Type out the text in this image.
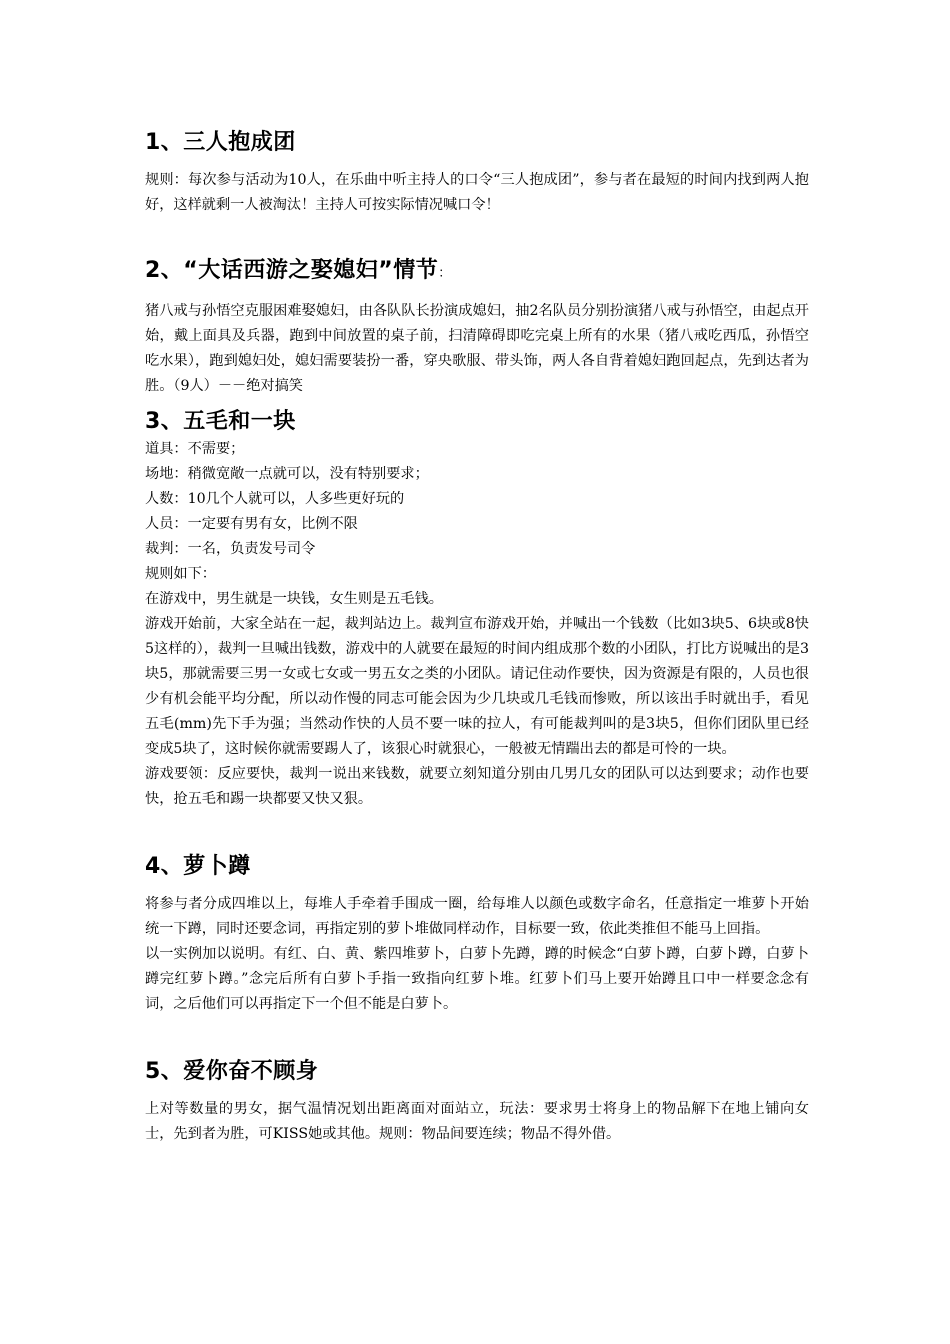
1、三人抱成团

规则：每次参与活动为10人，在乐曲中听主持人的口令“三人抱成团”，参与者在最短的时间内找到两人抱好，这样就剩一人被淘汰！主持人可按实际情况喊口令！

2、“大话西游之娶媳妇”情节：

猪八戒与孙悟空克服困难娶媳妇，由各队队长扮演成媳妇，抽2名队员分别扮演猪八戒与孙悟空，由起点开始，戴上面具及兵器，跑到中间放置的桌子前，扫清障碍即吃完桌上所有的水果（猪八戒吃西瓜，孙悟空吃水果），跑到媳妇处，媳妇需要装扮一番，穿央歌服、带头饰，两人各自背着媳妇跑回起点，先到达者为胜。（9人）－－绝对搞笑

3、五毛和一块

道具：不需要；

场地：稍微宽敞一点就可以，没有特别要求；

人数：10几个人就可以，人多些更好玩的

人员：一定要有男有女，比例不限

裁判：一名，负责发号司令

规则如下：

在游戏中，男生就是一块钱，女生则是五毛钱。

游戏开始前，大家全站在一起，裁判站边上。裁判宣布游戏开始，并喊出一个钱数（比如3块5、6块或8快5这样的），裁判一旦喊出钱数，游戏中的人就要在最短的时间内组成那个数的小团队，打比方说喊出的是3块5，那就需要三男一女或七女或一男五女之类的小团队。请记住动作要快，因为资源是有限的，人员也很少有机会能平均分配，所以动作慢的同志可能会因为少几块或几毛钱而惨败，所以该出手时就出手，看见五毛(mm)先下手为强；当然动作快的人员不要一味的拉人，有可能裁判叫的是3块5，但你们团队里已经变成5块了，这时候你就需要踢人了，该狠心时就狠心，一般被无情踹出去的都是可怜的一块。

游戏要领：反应要快，裁判一说出来钱数，就要立刻知道分别由几男几女的团队可以达到要求；动作也要快，抢五毛和踢一块都要又快又狠。

4、萝卜蹲

将参与者分成四堆以上，每堆人手牵着手围成一圈，给每堆人以颜色或数字命名，任意指定一堆萝卜开始统一下蹲，同时还要念词，再指定别的萝卜堆做同样动作，目标要一致，依此类推但不能马上回指。

以一实例加以说明。有红、白、黄、紫四堆萝卜，白萝卜先蹲，蹲的时候念“白萝卜蹲，白萝卜蹲，白萝卜蹲完红萝卜蹲。”念完后所有白萝卜手指一致指向红萝卜堆。红萝卜们马上要开始蹲且口中一样要念念有词，之后他们可以再指定下一个但不能是白萝卜。

5、爱你奋不顾身

上对等数量的男女，据气温情况划出距离面对面站立，玩法：要求男士将身上的物品解下在地上铺向女士，先到者为胜，可KISS她或其他。规则：物品间要连续；物品不得外借。
